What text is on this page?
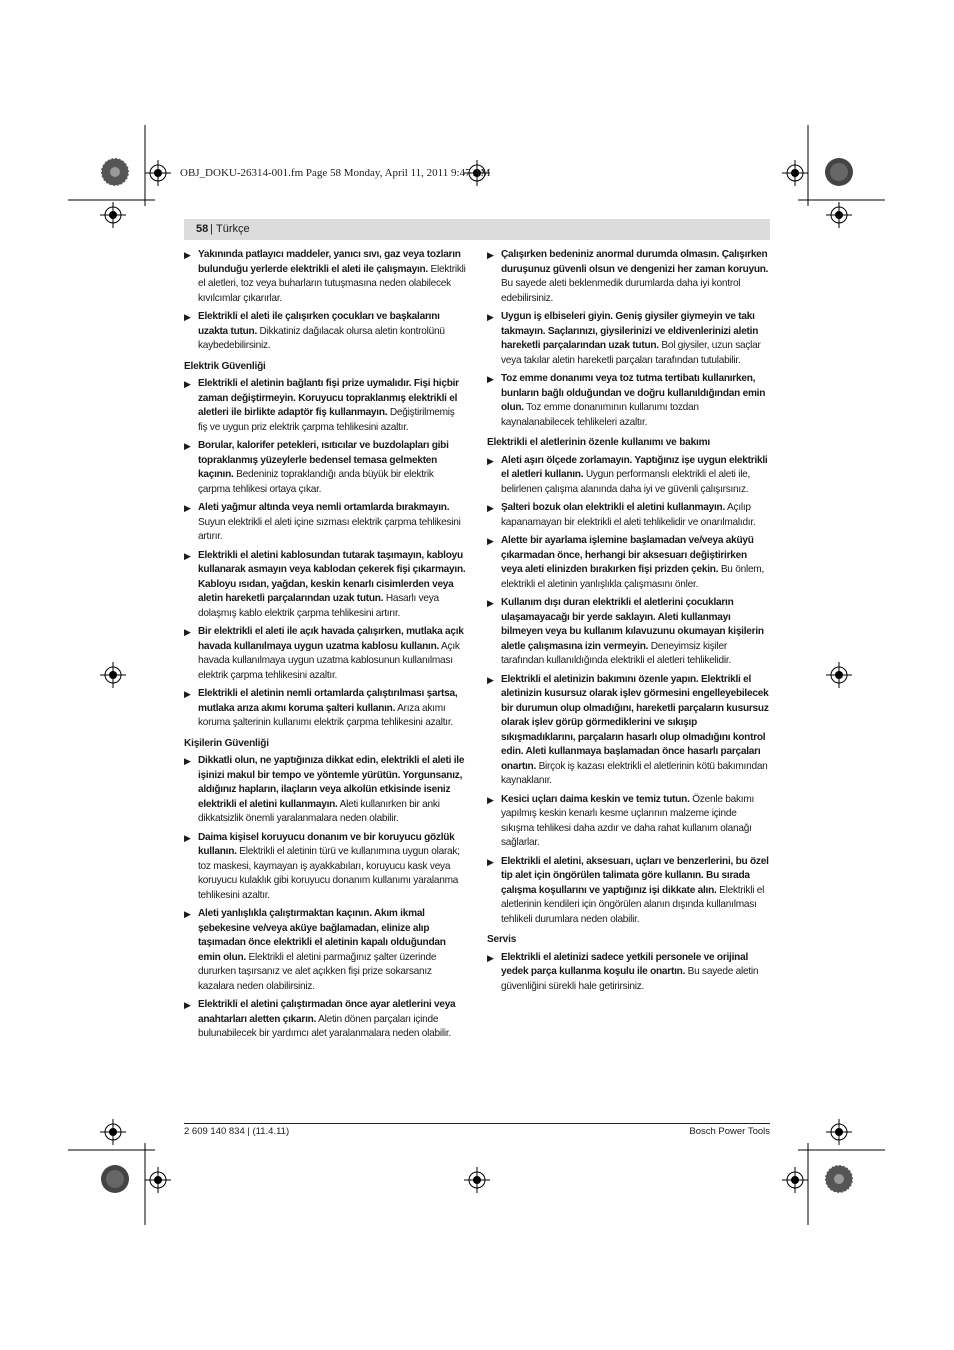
OBJ_DOKU-26314-001.fm Page 58 Monday, April 11, 2011 9:47 AM
58 | Türkçe
▶ Yakınında patlayıcı maddeler, yanıcı sıvı, gaz veya tozların bulunduğu yerlerde elektrikli el aleti ile çalışmayın. Elektrikli el aletleri, toz veya buharların tutuşmasına neden olabilecek kıvılcımlar çıkarırlar.
▶ Elektrikli el aleti ile çalışırken çocukları ve başkalarını uzakta tutun. Dikkatiniz dağılacak olursa aletin kontrolünü kaybedebilirsiniz.
Elektrik Güvenliği
▶ Elektrikli el aletinin bağlantı fişi prize uymalıdır. Fişi hiçbir zaman değiştirmeyin. Koruyucu topraklanmış elektrikli el aletleri ile birlikte adaptör fiş kullanmayın. Değiştirilmemiş fiş ve uygun priz elektrik çarpma tehlikesini azaltır.
▶ Borular, kalorifer petekleri, ısıtıcılar ve buzdolapları gibi topraklanmış yüzeylerle bedensel temasa gelmekten kaçının. Bedeniniz topraklandığı anda büyük bir elektrik çarpma tehlikesi ortaya çıkar.
▶ Aleti yağmur altında veya nemli ortamlarda bırakmayın. Suyun elektrikli el aleti içine sızması elektrik çarpma tehlikesini artırır.
▶ Elektrikli el aletini kablosundan tutarak taşımayın, kabloyu kullanarak asmayın veya kablodan çekerek fişi çıkarmayın. Kabloyu ısıdan, yağdan, keskin kenarlı cisimlerden veya aletin hareketli parçalarından uzak tutun. Hasarlı veya dolaşmış kablo elektrik çarpma tehlikesini artırır.
▶ Bir elektrikli el aleti ile açık havada çalışırken, mutlaka açık havada kullanılmaya uygun uzatma kablosu kullanın. Açık havada kullanılmaya uygun uzatma kablosunun kullanılması elektrik çarpma tehlikesini azaltır.
▶ Elektrikli el aletinin nemli ortamlarda çalıştırılması şartsa, mutlaka arıza akımı koruma şalteri kullanın. Arıza akımı koruma şalterinin kullanımı elektrik çarpma tehlikesini azaltır.
Kişilerin Güvenliği
▶ Dikkatli olun, ne yaptığınıza dikkat edin, elektrikli el aleti ile işinizi makul bir tempo ve yöntemle yürütün. Yorgunsanız, aldığınız hapların, ilaçların veya alkolün etkisinde iseniz elektrikli el aletini kullanmayın. Aleti kullanırken bir anki dikkatsizlik önemli yaralanmalara neden olabilir.
▶ Daima kişisel koruyucu donanım ve bir koruyucu gözlük kullanın. Elektrikli el aletinin türü ve kullanımına uygun olarak; toz maskesi, kaymayan iş ayakkabıları, koruyucu kask veya koruyucu kulaklık gibi koruyucu donanım kullanımı yaralanma tehlikesini azaltır.
▶ Aleti yanlışlıkla çalıştırmaktan kaçının. Akım ikmal şebekesine ve/veya aküye bağlamadan, elinize alıp taşımadan önce elektrikli el aletinin kapalı olduğundan emin olun. Elektrikli el aletini parmağınız şalter üzerinde dururken taşırsanız ve alet açıkken fişi prize sokarsanız kazalara neden olabilirsiniz.
▶ Elektrikli el aletini çalıştırmadan önce ayar aletlerini veya anahtarları aletten çıkarın. Aletin dönen parçaları içinde bulunabilecek bir yardımcı alet yaralanmalara neden olabilir.
▶ Çalışırken bedeniniz anormal durumda olmasın. Çalışırken duruşunuz güvenli olsun ve dengenizi her zaman koruyun. Bu sayede aleti beklenmedik durumlarda daha iyi kontrol edebilirsiniz.
▶ Uygun iş elbiseleri giyin. Geniş giysiler giymeyin ve takı takmayın. Saçlarınızı, giysilerinizi ve eldivenlerinizi aletin hareketli parçalarından uzak tutun. Bol giysiler, uzun saçlar veya takılar aletin hareketli parçaları tarafından tutulabilir.
▶ Toz emme donanımı veya toz tutma tertibatı kullanırken, bunların bağlı olduğundan ve doğru kullanıldığından emin olun. Toz emme donanımının kullanımı tozdan kaynalanabilecek tehlikeleri azaltır.
Elektrikli el aletlerinin özenle kullanımı ve bakımı
▶ Aleti aşırı ölçede zorlamayın. Yaptığınız işe uygun elektrikli el aletleri kullanın. Uygun performanslı elektrikli el aleti ile, belirlenen çalışma alanında daha iyi ve güvenli çalışırsınız.
▶ Şalteri bozuk olan elektrikli el aletini kullanmayın. Açılıp kapanamayan bir elektrikli el aleti tehlikelidir ve onarılmalıdır.
▶ Alette bir ayarlama işlemine başlamadan ve/veya aküyü çıkarmadan önce, herhangi bir aksesuarı değiştirirken veya aleti elinizden bırakırken fişi prizden çekin. Bu önlem, elektrikli el aletinin yanlışlıkla çalışmasını önler.
▶ Kullanım dışı duran elektrikli el aletlerini çocukların ulaşamayacağı bir yerde saklayın. Aleti kullanmayı bilmeyen veya bu kullanım kılavuzunu okumayan kişilerin aletle çalışmasına izin vermeyin. Deneyimsiz kişiler tarafından kullanıldığında elektrikli el aletleri tehlikelidir.
▶ Elektrikli el aletinizin bakımını özenle yapın. Elektrikli el aletinizin kusursuz olarak işlev görmesini engelleyebilecek bir durumun olup olmadığını, hareketli parçaların kusursuz olarak işlev görüp görmediklerini ve sıkışıp sıkışmadıklarını, parçaların hasarlı olup olmadığını kontrol edin. Aleti kullanmaya başlamadan önce hasarlı parçaları onartın. Birçok iş kazası elektrikli el aletlerinin kötü bakımından kaynaklanır.
▶ Kesici uçları daima keskin ve temiz tutun. Özenle bakımı yapılmış keskin kenarlı kesme uçlarının malzeme içinde sıkışma tehlikesi daha azdır ve daha rahat kullanım olanağı sağlarlar.
▶ Elektrikli el aletini, aksesuarı, uçları ve benzerlerini, bu özel tip alet için öngörülen talimata göre kullanın. Bu sırada çalışma koşullarını ve yaptığınız işi dikkate alın. Elektrikli el aletlerinin kendileri için öngörülen alanın dışında kullanılması tehlikeli durumlara neden olabilir.
Servis
▶ Elektrikli el aletinizi sadece yetkili personele ve orijinal yedek parça kullanma koşulu ile onartın. Bu sayede aletin güvenliğini sürekli hale getirirsiniz.
2 609 140 834 | (11.4.11)	Bosch Power Tools
